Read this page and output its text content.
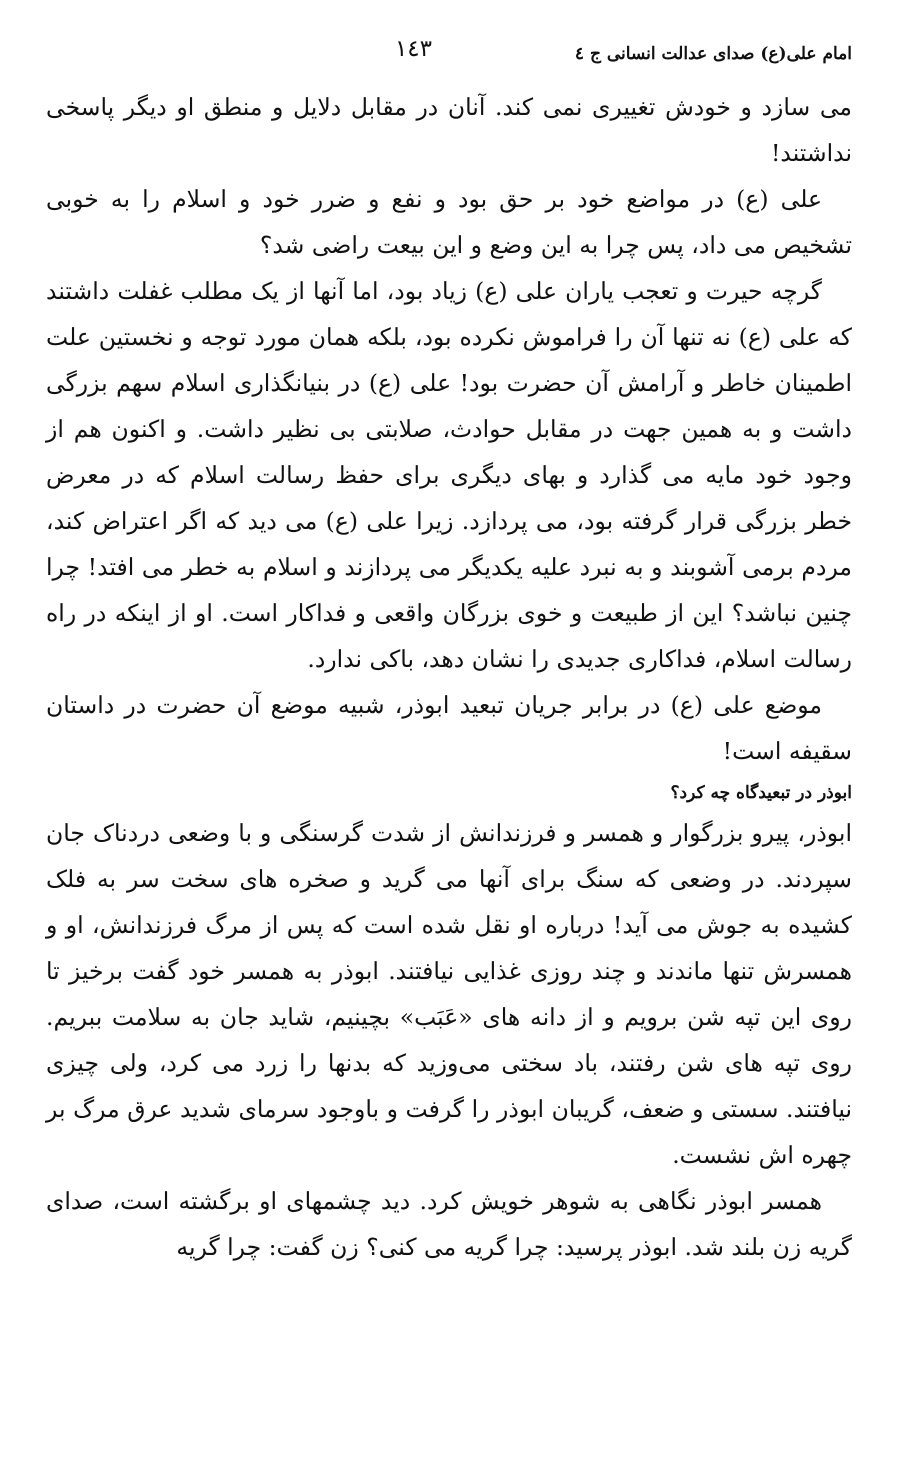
امام علی(ع) صدای عدالت انسانی ج ٤
١٤٣

می سازد و خودش تغییری نمی کند. آنان در مقابل دلایل و منطق او دیگر پاسخی نداشتند!

علی (ع) در مواضع خود بر حق بود و نفع و ضرر خود و اسلام را به خوبی تشخیص می داد، پس چرا به این وضع و این بیعت راضی شد؟

گرچه حیرت و تعجب یاران علی (ع) زیاد بود، اما آنها از یک مطلب غفلت داشتند که علی (ع) نه تنها آن را فراموش نکرده بود، بلکه همان مورد توجه و نخستین علت اطمینان خاطر و آرامش آن حضرت بود! علی (ع) در بنیانگذاری اسلام سهم بزرگی داشت و به همین جهت در مقابل حوادث، صلابتی بی نظیر داشت. و اکنون هم از وجود خود مایه می گذارد و بهای دیگری برای حفظ رسالت اسلام که در معرض خطر بزرگی قرار گرفته بود، می پردازد. زیرا علی (ع) می دید که اگر اعتراض کند، مردم برمی آشوبند و به نبرد علیه یکدیگر می پردازند و اسلام به خطر می افتد! چرا چنین نباشد؟ این از طبیعت و خوی بزرگان واقعی و فداکار است. او از اینکه در راه رسالت اسلام، فداکاری جدیدی را نشان دهد، باکی ندارد.

موضع علی (ع) در برابر جریان تبعید ابوذر، شبیه موضع آن حضرت در داستان سقیفه است!

ابوذر در تبعیدگاه چه کرد؟

ابوذر، پیرو بزرگوار و همسر و فرزندانش از شدت گرسنگی و با وضعی دردناک جان سپردند. در وضعی که سنگ برای آنها می گرید و صخره های سخت سر به فلک کشیده به جوش می آید! درباره او نقل شده است که پس از مرگ فرزندانش، او و همسرش تنها ماندند و چند روزی غذایی نیافتند. ابوذر به همسر خود گفت برخیز تا روی این تپه شن برویم و از دانه های «عَبَب» بچینیم، شاید جان به سلامت ببریم. روی تپه های شن رفتند، باد سختی می‌وزید که بدنها را زرد می کرد، ولی چیزی نیافتند. سستی و ضعف، گریبان ابوذر را گرفت و باوجود سرمای شدید عرق مرگ بر چهره اش نشست.

همسر ابوذر نگاهی به شوهر خویش کرد. دید چشمهای او برگشته است، صدای گریه زن بلند شد. ابوذر پرسید: چرا گریه می کنی؟ زن گفت: چرا گریه
